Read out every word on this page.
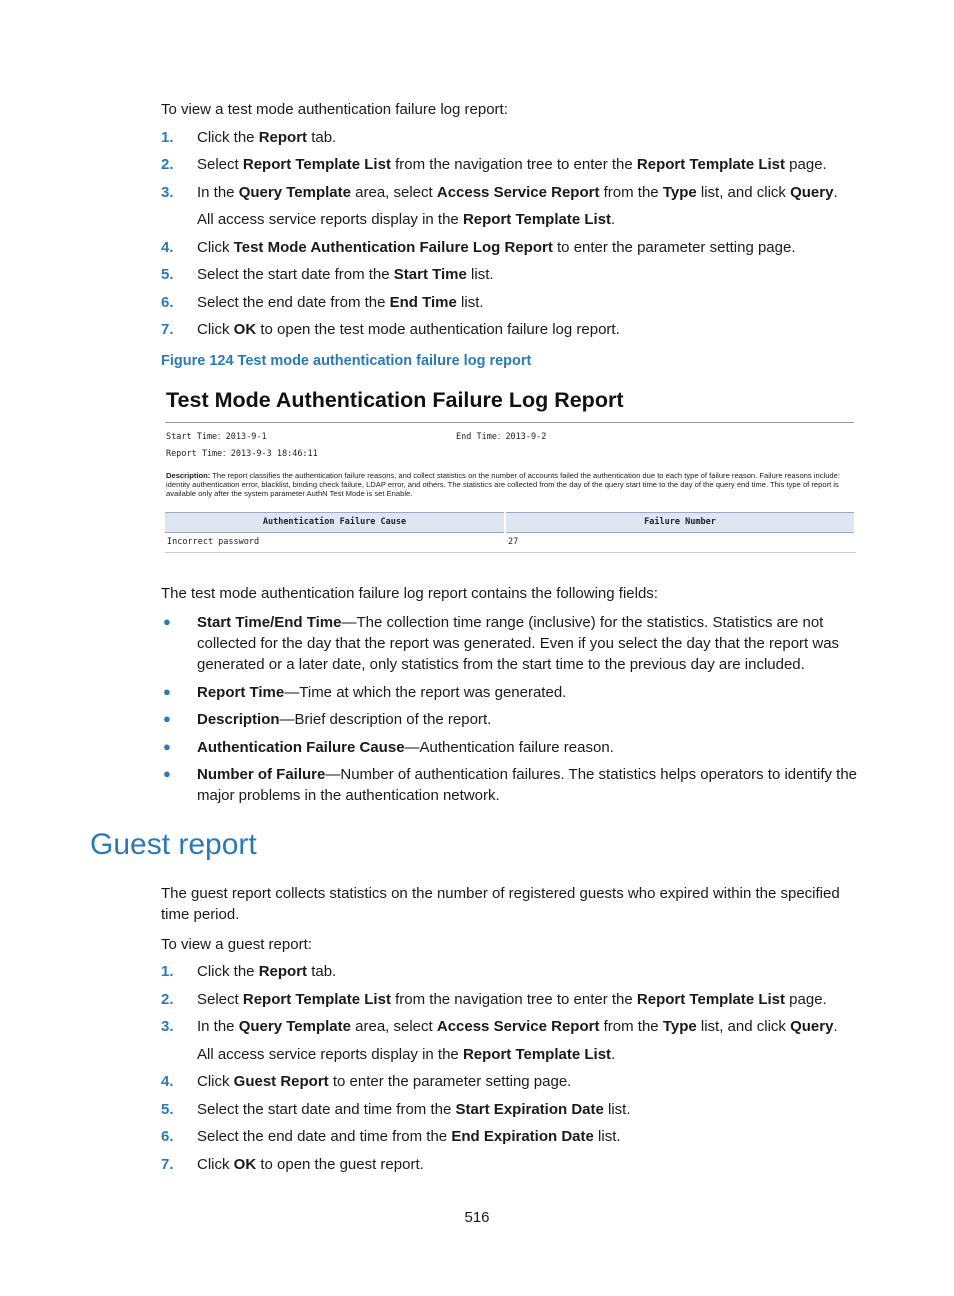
To view a test mode authentication failure log report:
1.	Click the Report tab.
2.	Select Report Template List from the navigation tree to enter the Report Template List page.
3.	In the Query Template area, select Access Service Report from the Type list, and click Query.
All access service reports display in the Report Template List.
4.	Click Test Mode Authentication Failure Log Report to enter the parameter setting page.
5.	Select the start date from the Start Time list.
6.	Select the end date from the End Time list.
7.	Click OK to open the test mode authentication failure log report.
Figure 124 Test mode authentication failure log report
Test Mode Authentication Failure Log Report
Start Time：2013-9-1	End Time：2013-9-2
Report Time：2013-9-3 18:46:11
Description: The report classifies the authentication failure reasons, and collect statistics on the number of accounts failed the authentication due to each type of failure reason. Failure reasons include: identity authentication error, blacklist, binding check failure, LDAP error, and others. The statistics are collected from the day of the query start time to the day of the query end time. This type of report is available only after the system parameter AuthN Test Mode is set Enable.
Authentication Failure Cause	Failure Number
Incorrect password	27
The test mode authentication failure log report contains the following fields:
● Start Time/End Time—The collection time range (inclusive) for the statistics. Statistics are not collected for the day that the report was generated. Even if you select the day that the report was generated or a later date, only statistics from the start time to the previous day are included.
● Report Time—Time at which the report was generated.
● Description—Brief description of the report.
● Authentication Failure Cause—Authentication failure reason.
● Number of Failure—Number of authentication failures. The statistics helps operators to identify the major problems in the authentication network.
Guest report
The guest report collects statistics on the number of registered guests who expired within the specified time period.
To view a guest report:
1.	Click the Report tab.
2.	Select Report Template List from the navigation tree to enter the Report Template List page.
3.	In the Query Template area, select Access Service Report from the Type list, and click Query.
All access service reports display in the Report Template List.
4.	Click Guest Report to enter the parameter setting page.
5.	Select the start date and time from the Start Expiration Date list.
6.	Select the end date and time from the End Expiration Date list.
7.	Click OK to open the guest report.
516
